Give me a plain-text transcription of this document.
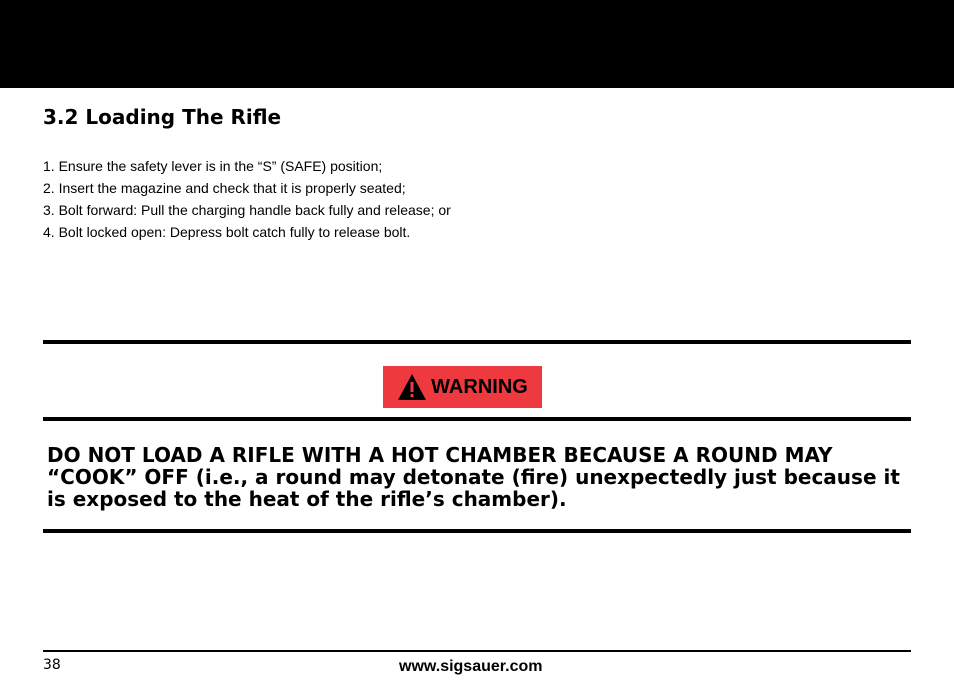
3.2 Loading The Rifle
1. Ensure the safety lever is in the “S” (SAFE) position;
2. Insert the magazine and check that it is properly seated;
3. Bolt forward: Pull the charging handle back fully and release; or
4. Bolt locked open: Depress bolt catch fully to release bolt.
WARNING

DO NOT LOAD A RIFLE WITH A HOT CHAMBER BECAUSE A ROUND MAY “COOK” OFF (i.e., a round may detonate (fire) unexpectedly just because it is exposed to the heat of the rifle’s chamber).

38	www.sigsauer.com
